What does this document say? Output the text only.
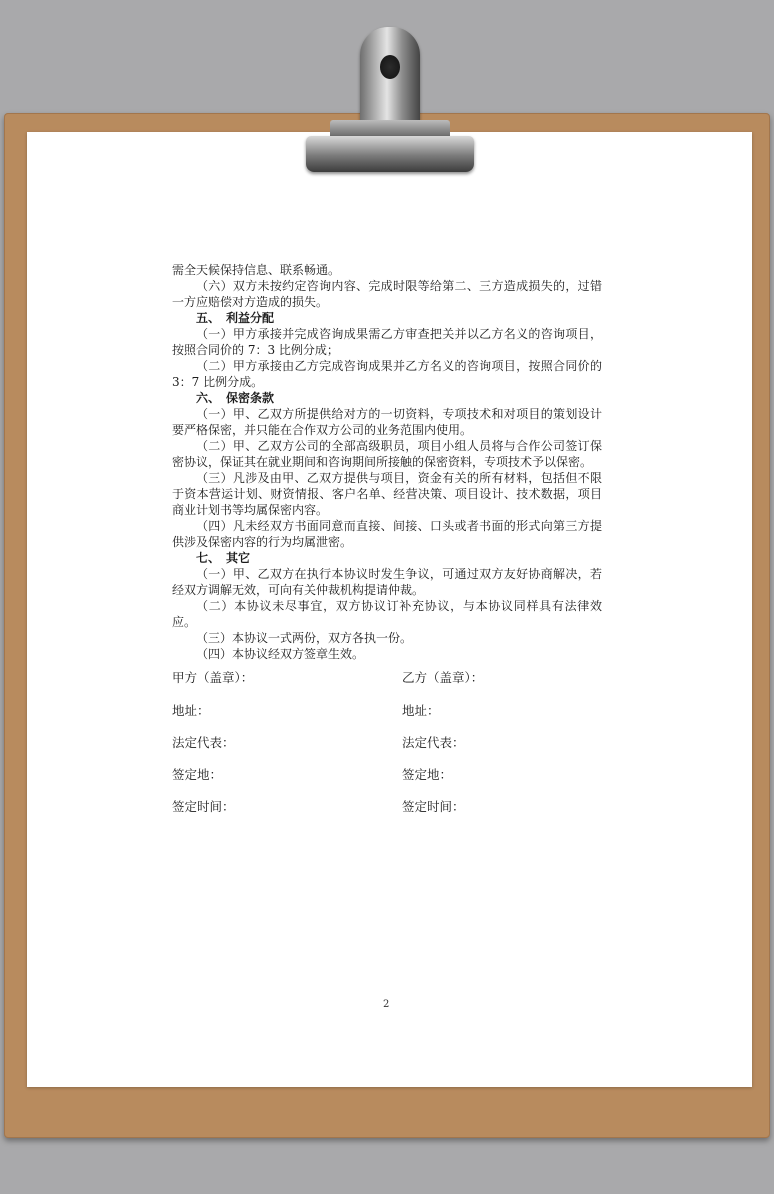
需全天候保持信息、联系畅通。

（六）双方未按约定咨询内容、完成时限等给第二、三方造成损失的，过错一方应赔偿对方造成的损失。

五、　利益分配

（一）甲方承接并完成咨询成果需乙方审查把关并以乙方名义的咨询项目，按照合同价的 7：3 比例分成；

（二）甲方承接由乙方完成咨询成果并乙方名义的咨询项目，按照合同价的 3：7 比例分成。

六、　保密条款

（一）甲、乙双方所提供给对方的一切资料，专项技术和对项目的策划设计要严格保密，并只能在合作双方公司的业务范围内使用。

（二）甲、乙双方公司的全部高级职员，项目小组人员将与合作公司签订保密协议，保证其在就业期间和咨询期间所接触的保密资料，专项技术予以保密。

（三）凡涉及由甲、乙双方提供与项目，资金有关的所有材料，包括但不限于资本营运计划、财资情报、客户名单、经营决策、项目设计、技术数据，项目商业计划书等均属保密内容。

（四）凡未经双方书面同意而直接、间接、口头或者书面的形式向第三方提供涉及保密内容的行为均属泄密。

七、　其它

（一）甲、乙双方在执行本协议时发生争议，可通过双方友好协商解决，若经双方调解无效，可向有关仲裁机构提请仲裁。

（二）本协议未尽事宜，双方协议订补充协议，与本协议同样具有法律效应。

（三）本协议一式两份，双方各执一份。

（四）本协议经双方签章生效。

甲方（盖章）：	乙方（盖章）：
地址：	地址：
法定代表：	法定代表：
签定地：	签定地：
签定时间：	签定时间：
2
